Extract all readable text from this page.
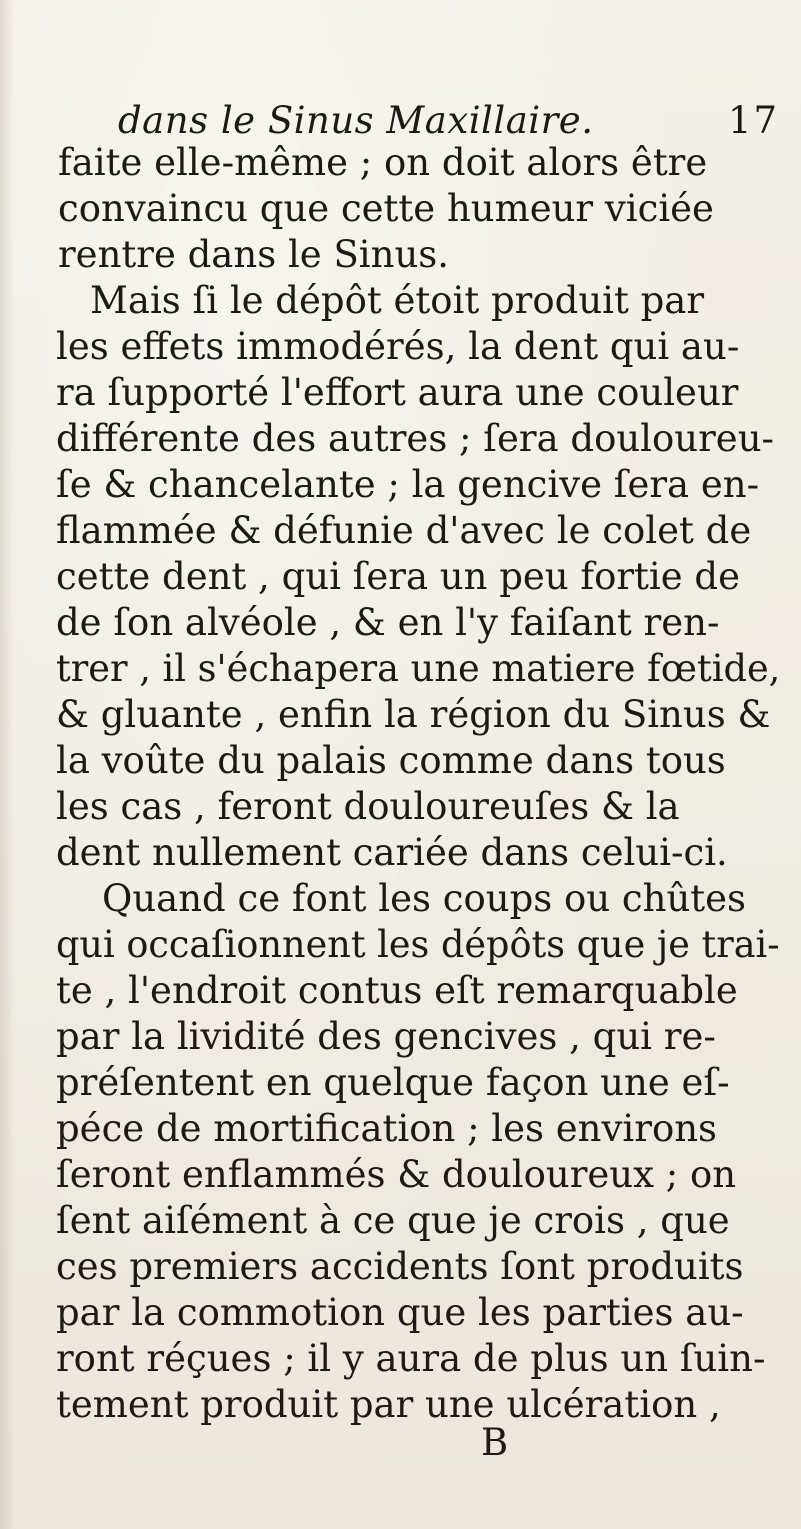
dans le Sinus Maxillaire.	17
faite elle-même ; on doit alors être
convaincu que cette humeur viciée
rentre dans le Sinus.
Mais ſi le dépôt étoit produit par
les effets immodérés, la dent qui au-
ra ſupporté l'effort aura une couleur
différente des autres ; ſera douloureu-
ſe & chancelante ; la gencive ſera en-
flammée & défunie d'avec le colet de
cette dent , qui ſera un peu fortie de
de ſon alvéole , & en l'y faiſant ren-
trer , il s'échapera une matiere fœtide,
& gluante , enfin la région du Sinus &
la voûte du palais comme dans tous
les cas , feront douloureuſes & la
dent nullement cariée dans celui-ci.
Quand ce font les coups ou chûtes
qui occaſionnent les dépôts que je trai-
te , l'endroit contus eſt remarquable
par la lividité des gencives , qui re-
préſentent en quelque façon une eſ-
péce de mortification ; les environs
ſeront enflammés & douloureux ; on
ſent aiſément à ce que je crois , que
ces premiers accidents ſont produits
par la commotion que les parties au-
ront réçues ; il y aura de plus un ſuin-
tement produit par une ulcération ,
B
